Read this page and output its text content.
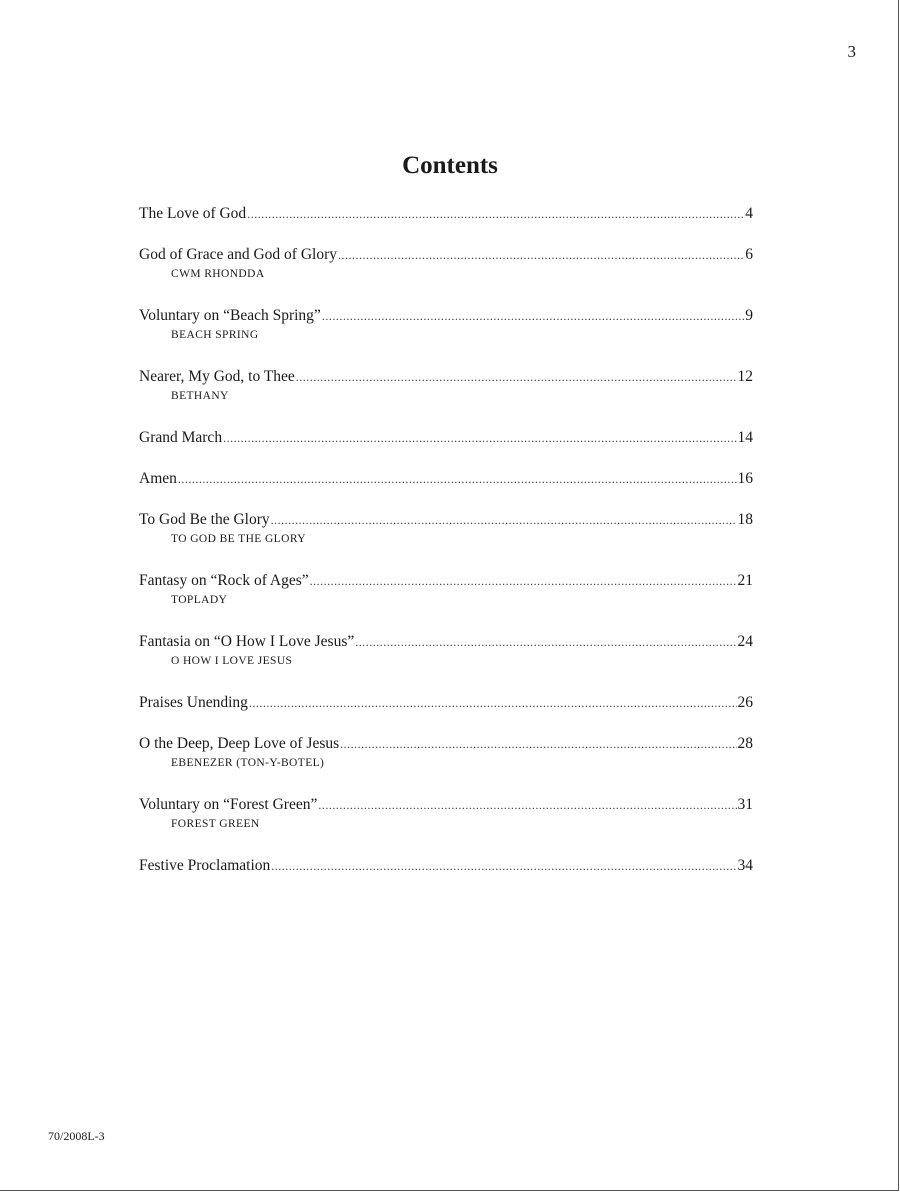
3
Contents
The Love of God .....	4
God of Grace and God of Glory .....	6
CWM RHONDDA
Voluntary on “Beach Spring” .....	9
BEACH SPRING
Nearer, My God, to Thee .....	12
BETHANY
Grand March .....	14
Amen .....	16
To God Be the Glory .....	18
TO GOD BE THE GLORY
Fantasy on “Rock of Ages” .....	21
TOPLADY
Fantasia on “O How I Love Jesus” .....	24
O HOW I LOVE JESUS
Praises Unending .....	26
O the Deep, Deep Love of Jesus .....	28
EBENEZER (TON-Y-BOTEL)
Voluntary on “Forest Green” .....	31
FOREST GREEN
Festive Proclamation .....	34
70/2008L-3
